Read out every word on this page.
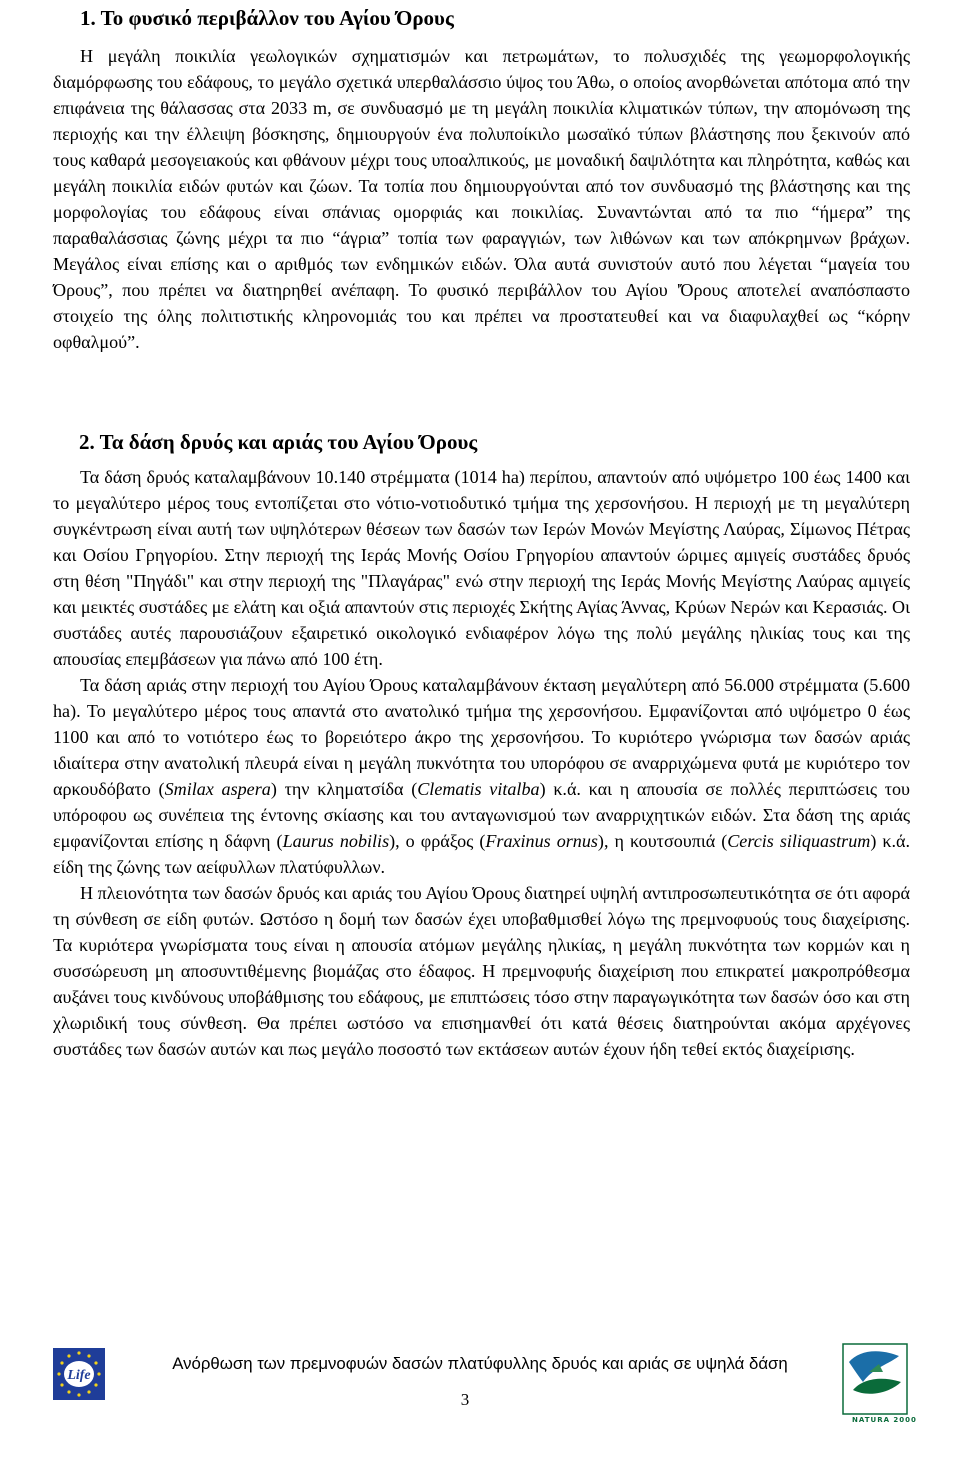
1. Το φυσικό περιβάλλον του Αγίου Όρους

Η μεγάλη ποικιλία γεωλογικών σχηματισμών και πετρωμάτων, το πολυσχιδές της γεωμορφολογικής διαμόρφωσης του εδάφους, το μεγάλο σχετικά υπερθαλάσσιο ύψος του Άθω, ο οποίος ανορθώνεται απότομα από την επιφάνεια της θάλασσας στα 2033 m, σε συνδυασμό με τη μεγάλη ποικιλία κλιματικών τύπων, την απομόνωση της περιοχής και την έλλειψη βόσκησης, δημιουργούν ένα πολυποίκιλο μωσαϊκό τύπων βλάστησης που ξεκινούν από τους καθαρά μεσογειακούς και φθάνουν μέχρι τους υποαλπικούς, με μοναδική δαψιλότητα και πληρότητα, καθώς και μεγάλη ποικιλία ειδών φυτών και ζώων. Τα τοπία που δημιουργούνται από τον συνδυασμό της βλάστησης και της μορφολογίας του εδάφους είναι σπάνιας ομορφιάς και ποικιλίας. Συναντώνται από τα πιο “ήμερα” της παραθαλάσσιας ζώνης μέχρι τα πιο “άγρια” τοπία των φαραγγιών, των λιθώνων και των απόκρημνων βράχων. Μεγάλος είναι επίσης και ο αριθμός των ενδημικών ειδών. Όλα αυτά συνιστούν αυτό που λέγεται “μαγεία του Όρους”, που πρέπει να διατηρηθεί ανέπαφη. Το φυσικό περιβάλλον του Αγίου 'Όρους αποτελεί αναπόσπαστο στοιχείο της όλης πολιτιστικής κληρονομιάς του και πρέπει να προστατευθεί και να διαφυλαχθεί ως “κόρην οφθαλμού”.

2. Τα δάση δρυός και αριάς του Αγίου Όρους

Τα δάση δρυός καταλαμβάνουν 10.140 στρέμματα (1014 ha) περίπου, απαντούν από υψόμετρο 100 έως 1400 και το μεγαλύτερο μέρος τους εντοπίζεται στο νότιο-νοτιοδυτικό τμήμα της χερσονήσου. Η περιοχή με τη μεγαλύτερη συγκέντρωση είναι αυτή των υψηλότερων θέσεων των δασών των Ιερών Μονών Μεγίστης Λαύρας, Σίμωνος Πέτρας και Οσίου Γρηγορίου. Στην περιοχή της Ιεράς Μονής Οσίου Γρηγορίου απαντούν ώριμες αμιγείς συστάδες δρυός στη θέση "Πηγάδι" και στην περιοχή της "Πλαγάρας" ενώ στην περιοχή της Ιεράς Μονής Μεγίστης Λαύρας αμιγείς και μεικτές συστάδες με ελάτη και οξιά απαντούν στις περιοχές Σκήτης Αγίας Άννας, Κρύων Νερών και Κερασιάς. Οι συστάδες αυτές παρουσιάζουν εξαιρετικό οικολογικό ενδιαφέρον λόγω της πολύ μεγάλης ηλικίας τους και της απουσίας επεμβάσεων για πάνω από 100 έτη.

Τα δάση αριάς στην περιοχή του Αγίου Όρους καταλαμβάνουν έκταση μεγαλύτερη από 56.000 στρέμματα (5.600 ha). Το μεγαλύτερο μέρος τους απαντά στο ανατολικό τμήμα της χερσονήσου. Εμφανίζονται από υψόμετρο 0 έως 1100 και από το νοτιότερο έως το βορειότερο άκρο της χερσονήσου. Το κυριότερο γνώρισμα των δασών αριάς ιδιαίτερα στην ανατολική πλευρά είναι η μεγάλη πυκνότητα του υπορόφου σε αναρριχώμενα φυτά με κυριότερο τον αρκουδόβατο (Smilax aspera) την κληματσίδα (Clematis vitalba) κ.ά. και η απουσία σε πολλές περιπτώσεις του υπόροφου ως συνέπεια της έντονης σκίασης και του ανταγωνισμού των αναρριχητικών ειδών. Στα δάση της αριάς εμφανίζονται επίσης η δάφνη (Laurus nobilis), ο φράξος (Fraxinus ornus), η κουτσουπιά (Cercis siliquastrum) κ.ά. είδη της ζώνης των αείφυλλων πλατύφυλλων.

Η πλειονότητα των δασών δρυός και αριάς του Αγίου Όρους διατηρεί υψηλή αντιπροσωπευτικότητα σε ότι αφορά τη σύνθεση σε είδη φυτών. Ωστόσο η δομή των δασών έχει υποβαθμισθεί λόγω της πρεμνοφυούς τους διαχείρισης. Τα κυριότερα γνωρίσματα τους είναι η απουσία ατόμων μεγάλης ηλικίας, η μεγάλη πυκνότητα των κορμών και η συσσώρευση μη αποσυντιθέμενης βιομάζας στο έδαφος. Η πρεμνοφυής διαχείριση που επικρατεί μακροπρόθεσμα αυξάνει τους κινδύνους υποβάθμισης του εδάφους, με επιπτώσεις τόσο στην παραγωγικότητα των δασών όσο και στη χλωριδική τους σύνθεση. Θα πρέπει ωστόσο να επισημανθεί ότι κατά θέσεις διατηρούνται ακόμα αρχέγονες συστάδες των δασών αυτών και πως μεγάλο ποσοστό των εκτάσεων αυτών έχουν ήδη τεθεί εκτός διαχείρισης.

Life

Ανόρθωση των πρεμνοφυών δασών πλατύφυλλης δρυός και αριάς σε υψηλά δάση

3

NATURA 2000
